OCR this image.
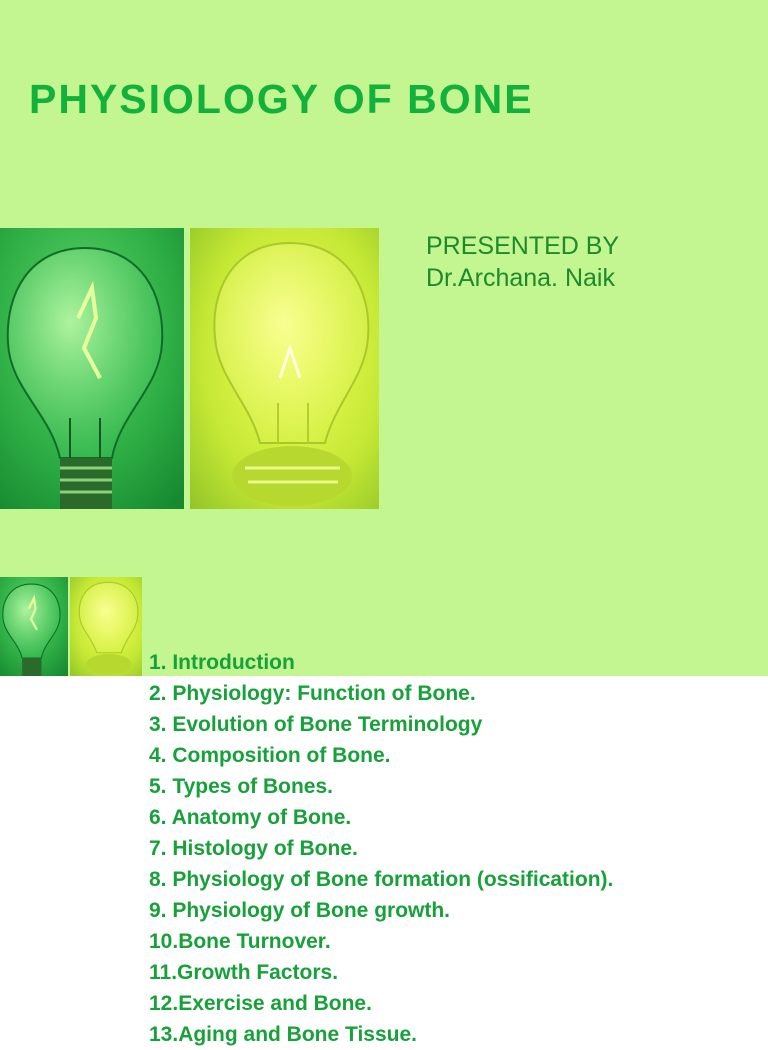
PHYSIOLOGY OF BONE
PRESENTED BY
Dr.Archana. Naik
1. Introduction
2. Physiology: Function of Bone.
3. Evolution of Bone Terminology
4. Composition of Bone.
5. Types of Bones.
6. Anatomy of Bone.
7. Histology of Bone.
8. Physiology of Bone formation (ossification).
9. Physiology of Bone growth.
10.Bone Turnover.
11.Growth Factors.
12.Exercise and Bone.
13.Aging and Bone Tissue.
